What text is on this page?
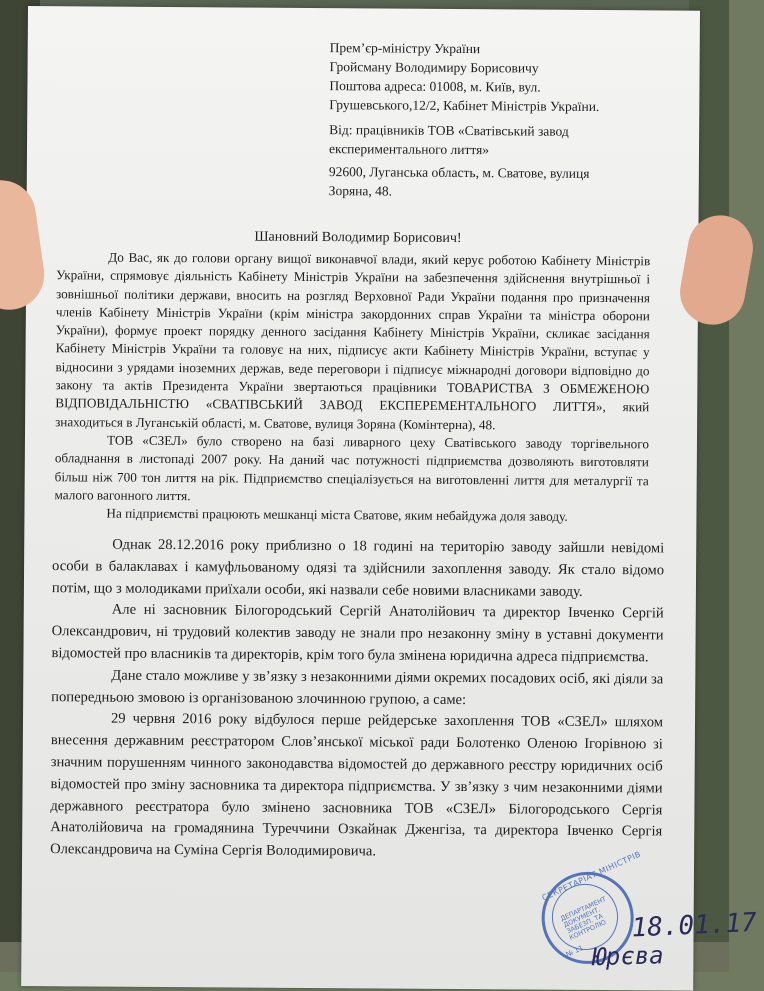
Прем’єр-міністру України
Гройсману Володимиру Борисовичу
Поштова адреса: 01008, м. Київ, вул.
Грушевського,12/2, Кабінет Міністрів України.
Від: працівників ТОВ «Сватівський завод
експериментального лиття»
92600, Луганська область, м. Сватове, вулиця
Зоряна, 48.
Шановний Володимир Борисович!

До Вас, як до голови органу вищої виконавчої влади, який керує роботою Кабінету Міністрів України, спрямовує діяльність Кабінету Міністрів України на забезпечення здійснення внутрішньої і зовнішньої політики держави, вносить на розгляд Верховної Ради України подання про призначення членів Кабінету Міністрів України (крім міністра закордонних справ України та міністра оборони України), формує проект порядку денного засідання Кабінету Міністрів України, скликає засідання Кабінету Міністрів України та головує на них, підписує акти Кабінету Міністрів України, вступає у відносини з урядами іноземних держав, веде переговори і підписує міжнародні договори відповідно до закону та актів Президента України звертаються працівники ТОВАРИСТВА З ОБМЕЖЕНОЮ ВІДПОВІДАЛЬНІСТЮ «СВАТІВСЬКИЙ ЗАВОД ЕКСПЕРЕМЕНТАЛЬНОГО ЛИТТЯ», який знаходиться в Луганській області, м. Сватове, вулиця Зоряна (Комінтерна), 48.

ТОВ «СЗЕЛ» було створено на базі ливарного цеху Сватівського заводу торгівельного обладнання в листопаді 2007 року. На даний час потужності підприємства дозволяють виготовляти більш ніж 700 тон лиття на рік. Підприємство спеціалізується на виготовленні лиття для металургії та малого вагонного лиття.

На підприємстві працюють мешканці міста Сватове, яким небайдужа доля заводу.

Однак 28.12.2016 року приблизно о 18 годині на територію заводу зайшли невідомі особи в балаклавах і камуфльованому одязі та здійснили захоплення заводу. Як стало відомо потім, що з молодиками приїхали особи, які назвали себе новими власниками заводу.

Але ні засновник Білогородський Сергій Анатолійович та директор Івченко Сергій Олександрович, ні трудовий колектив заводу не знали про незаконну зміну в уставні документи відомостей про власників та директорів, крім того була змінена юридична адреса підприємства.

Дане стало можливе у зв’язку з незаконними діями окремих посадових осіб, які діяли за попередньою змовою із організованою злочинною групою, а саме:

29 червня 2016 року відбулося перше рейдерське захоплення ТОВ «СЗЕЛ» шляхом внесення державним реєстратором Слов’янської міської ради Болотенко Оленою Ігорівною зі значним порушенням чинного законодавства відомостей до державного реєстру юридичних осіб відомостей про зміну засновника та директора підприємства. У зв’язку з чим незаконними діями державного реєстратора було змінено засновника ТОВ «СЗЕЛ» Білогородського Сергія Анатолійовича на громадянина Туреччини Озкайнак Дженгіза, та директора Івченко Сергія Олександровича на Суміна Сергія Володимировича.	СЕКРЕТАРІАТ МІНІСТРІВ
ДЕПАРТАМЕНТ ДОКУМЕНТ. ЗАБЕЗП. ТА КОНТРОЛЮ
№ 11
18.01.17
Юрєва
